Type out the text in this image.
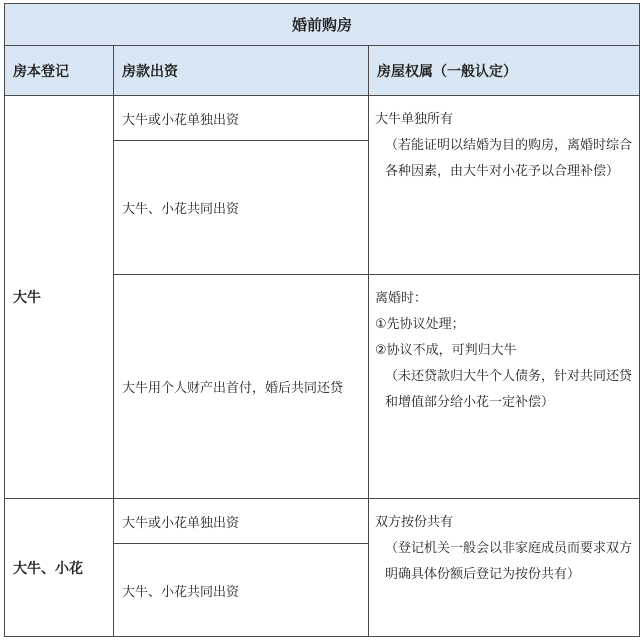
婚前购房		
房本登记	房款出资	房屋权属（一般认定）
大牛	大牛或小花单独出资	大牛单独所有
（若能证明以结婚为目的购房，离婚时综合各种因素，由大牛对小花予以合理补偿）

	大牛、小花共同出资	
	大牛用个人财产出首付，婚后共同还贷	离婚时：
①先协议处理；
②协议不成，可判归大牛
（未还贷款归大牛个人债务，针对共同还贷和增值部分给小花一定补偿）

大牛、小花	大牛或小花单独出资	双方按份共有
（登记机关一般会以非家庭成员而要求双方明确具体份额后登记为按份共有）

	大牛、小花共同出资	
